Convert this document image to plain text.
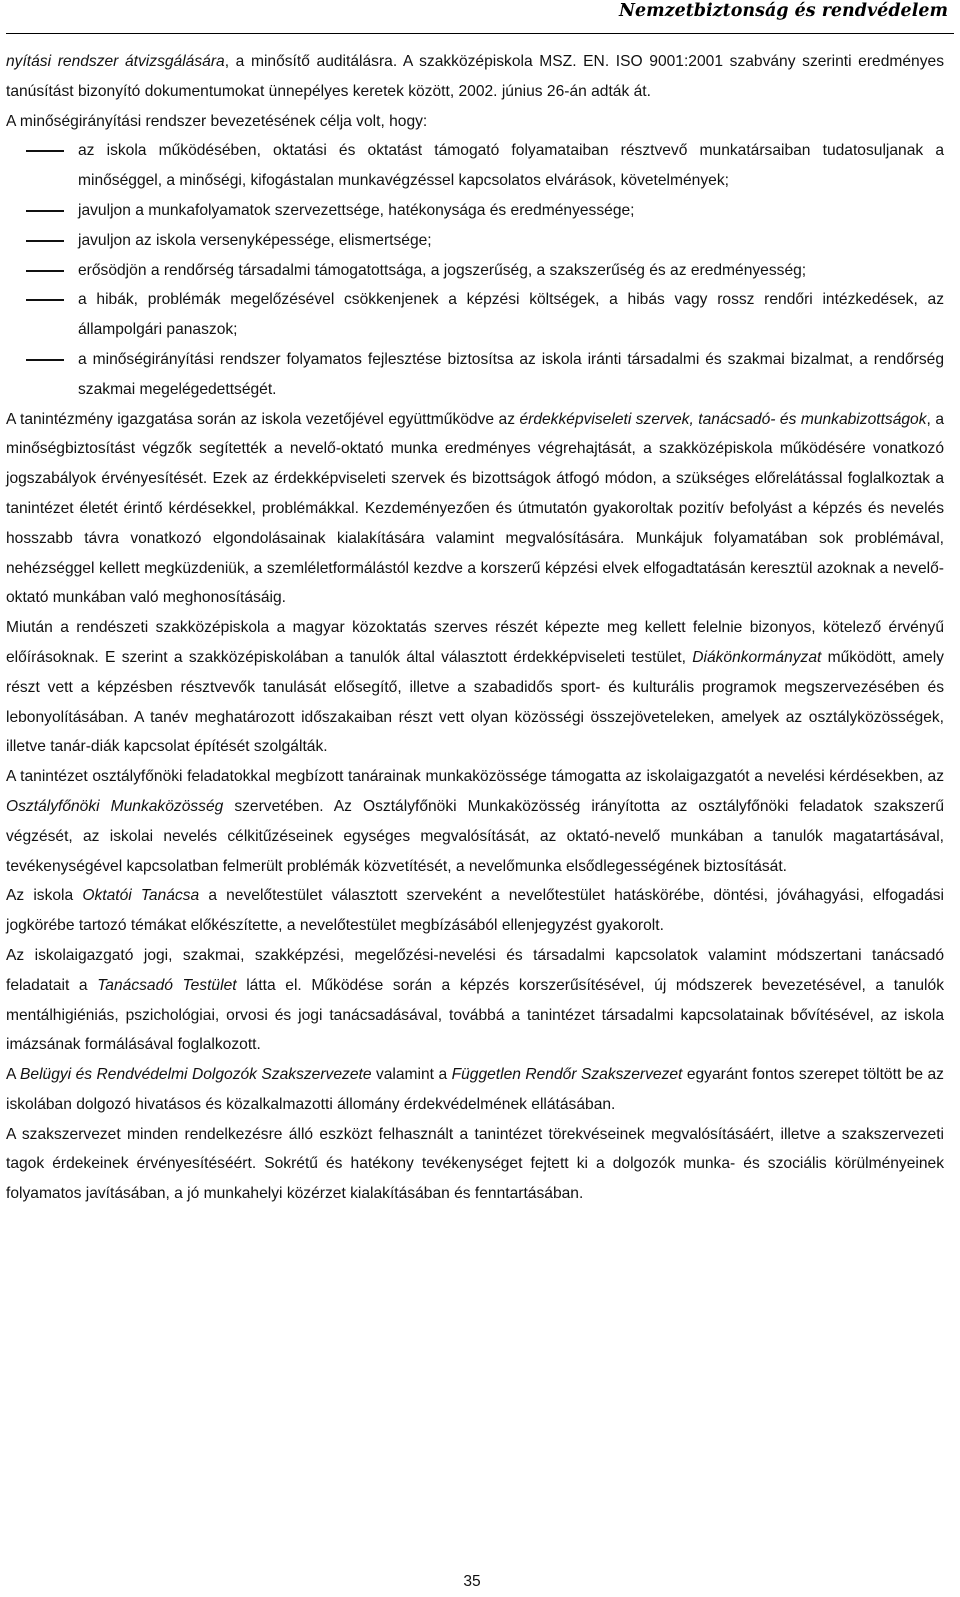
Nemzetbiztonság és rendvédelem

nyítási rendszer átvizsgálására, a minősítő auditálásra. A szakközépiskola MSZ. EN. ISO 9001:2001 szabvány szerinti eredményes tanúsítást bizonyító dokumentumokat ünnepélyes keretek között, 2002. június 26-án adták át.

A minőségirányítási rendszer bevezetésének célja volt, hogy:

az iskola működésében, oktatási és oktatást támogató folyamataiban résztvevő munkatársaiban tudatosuljanak a minőséggel, a minőségi, kifogástalan munkavégzéssel kapcsolatos elvárások, követelmények;
javuljon a munkafolyamatok szervezettsége, hatékonysága és eredményessége;
javuljon az iskola versenyképessége, elismertsége;
erősödjön a rendőrség társadalmi támogatottsága, a jogszerűség, a szakszerűség és az eredményesség;
a hibák, problémák megelőzésével csökkenjenek a képzési költségek, a hibás vagy rossz rendőri intézkedések, az állampolgári panaszok;
a minőségirányítási rendszer folyamatos fejlesztése biztosítsa az iskola iránti társadalmi és szakmai bizalmat, a rendőrség szakmai megelégedettségét.

A tanintézmény igazgatása során az iskola vezetőjével együttműködve az érdekképviseleti szervek, tanácsadó- és munkabizottságok, a minőségbiztosítást végzők segítették a nevelő-oktató munka eredményes végrehajtását, a szakközépiskola működésére vonatkozó jogszabályok érvényesítését. Ezek az érdekképviseleti szervek és bizottságok átfogó módon, a szükséges előrelátással foglalkoztak a tanintézet életét érintő kérdésekkel, problémákkal. Kezdeményezően és útmutatón gyakoroltak pozitív befolyást a képzés és nevelés hosszabb távra vonatkozó elgondolásainak kialakítására valamint megvalósítására. Munkájuk folyamatában sok problémával, nehézséggel kellett megküzdeniük, a szemléletformálástól kezdve a korszerű képzési elvek elfogadtatásán keresztül azoknak a nevelő-oktató munkában való meghonosításáig.

Miután a rendészeti szakközépiskola a magyar közoktatás szerves részét képezte meg kellett felelnie bizonyos, kötelező érvényű előírásoknak. E szerint a szakközépiskolában a tanulók által választott érdekképviseleti testület, Diákönkormányzat működött, amely részt vett a képzésben résztvevők tanulását elősegítő, illetve a szabadidős sport- és kulturális programok megszervezésében és lebonyolításában. A tanév meghatározott időszakaiban részt vett olyan közösségi összejöveteleken, amelyek az osztályközösségek, illetve tanár-diák kapcsolat építését szolgálták.

A tanintézet osztályfőnöki feladatokkal megbízott tanárainak munkaközössége támogatta az iskolaigazgatót a nevelési kérdésekben, az Osztályfőnöki Munkaközösség szervetében. Az Osztályfőnöki Munkaközösség irányította az osztályfőnöki feladatok szakszerű végzését, az iskolai nevelés célkitűzéseinek egységes megvalósítását, az oktató-nevelő munkában a tanulók magatartásával, tevékenységével kapcsolatban felmerült problémák közvetítését, a nevelőmunka elsődlegességének biztosítását.

Az iskola Oktatói Tanácsa a nevelőtestület választott szerveként a nevelőtestület hatáskörébe, döntési, jóváhagyási, elfogadási jogkörébe tartozó témákat előkészítette, a nevelőtestület megbízásából ellenjegyzést gyakorolt.

Az iskolaigazgató jogi, szakmai, szakképzési, megelőzési-nevelési és társadalmi kapcsolatok valamint módszertani tanácsadó feladatait a Tanácsadó Testület látta el. Működése során a képzés korszerűsítésével, új módszerek bevezetésével, a tanulók mentálhigiéniás, pszichológiai, orvosi és jogi tanácsadásával, továbbá a tanintézet társadalmi kapcsolatainak bővítésével, az iskola imázsának formálásával foglalkozott.

A Belügyi és Rendvédelmi Dolgozók Szakszervezete valamint a Független Rendőr Szakszervezet egyaránt fontos szerepet töltött be az iskolában dolgozó hivatásos és közalkalmazotti állomány érdekvédelmének ellátásában.

A szakszervezet minden rendelkezésre álló eszközt felhasznált a tanintézet törekvéseinek megvalósításáért, illetve a szakszervezeti tagok érdekeinek érvényesítéséért. Sokrétű és hatékony tevékenységet fejtett ki a dolgozók munka- és szociális körülményeinek folyamatos javításában, a jó munkahelyi közérzet kialakításában és fenntartásában.

35
